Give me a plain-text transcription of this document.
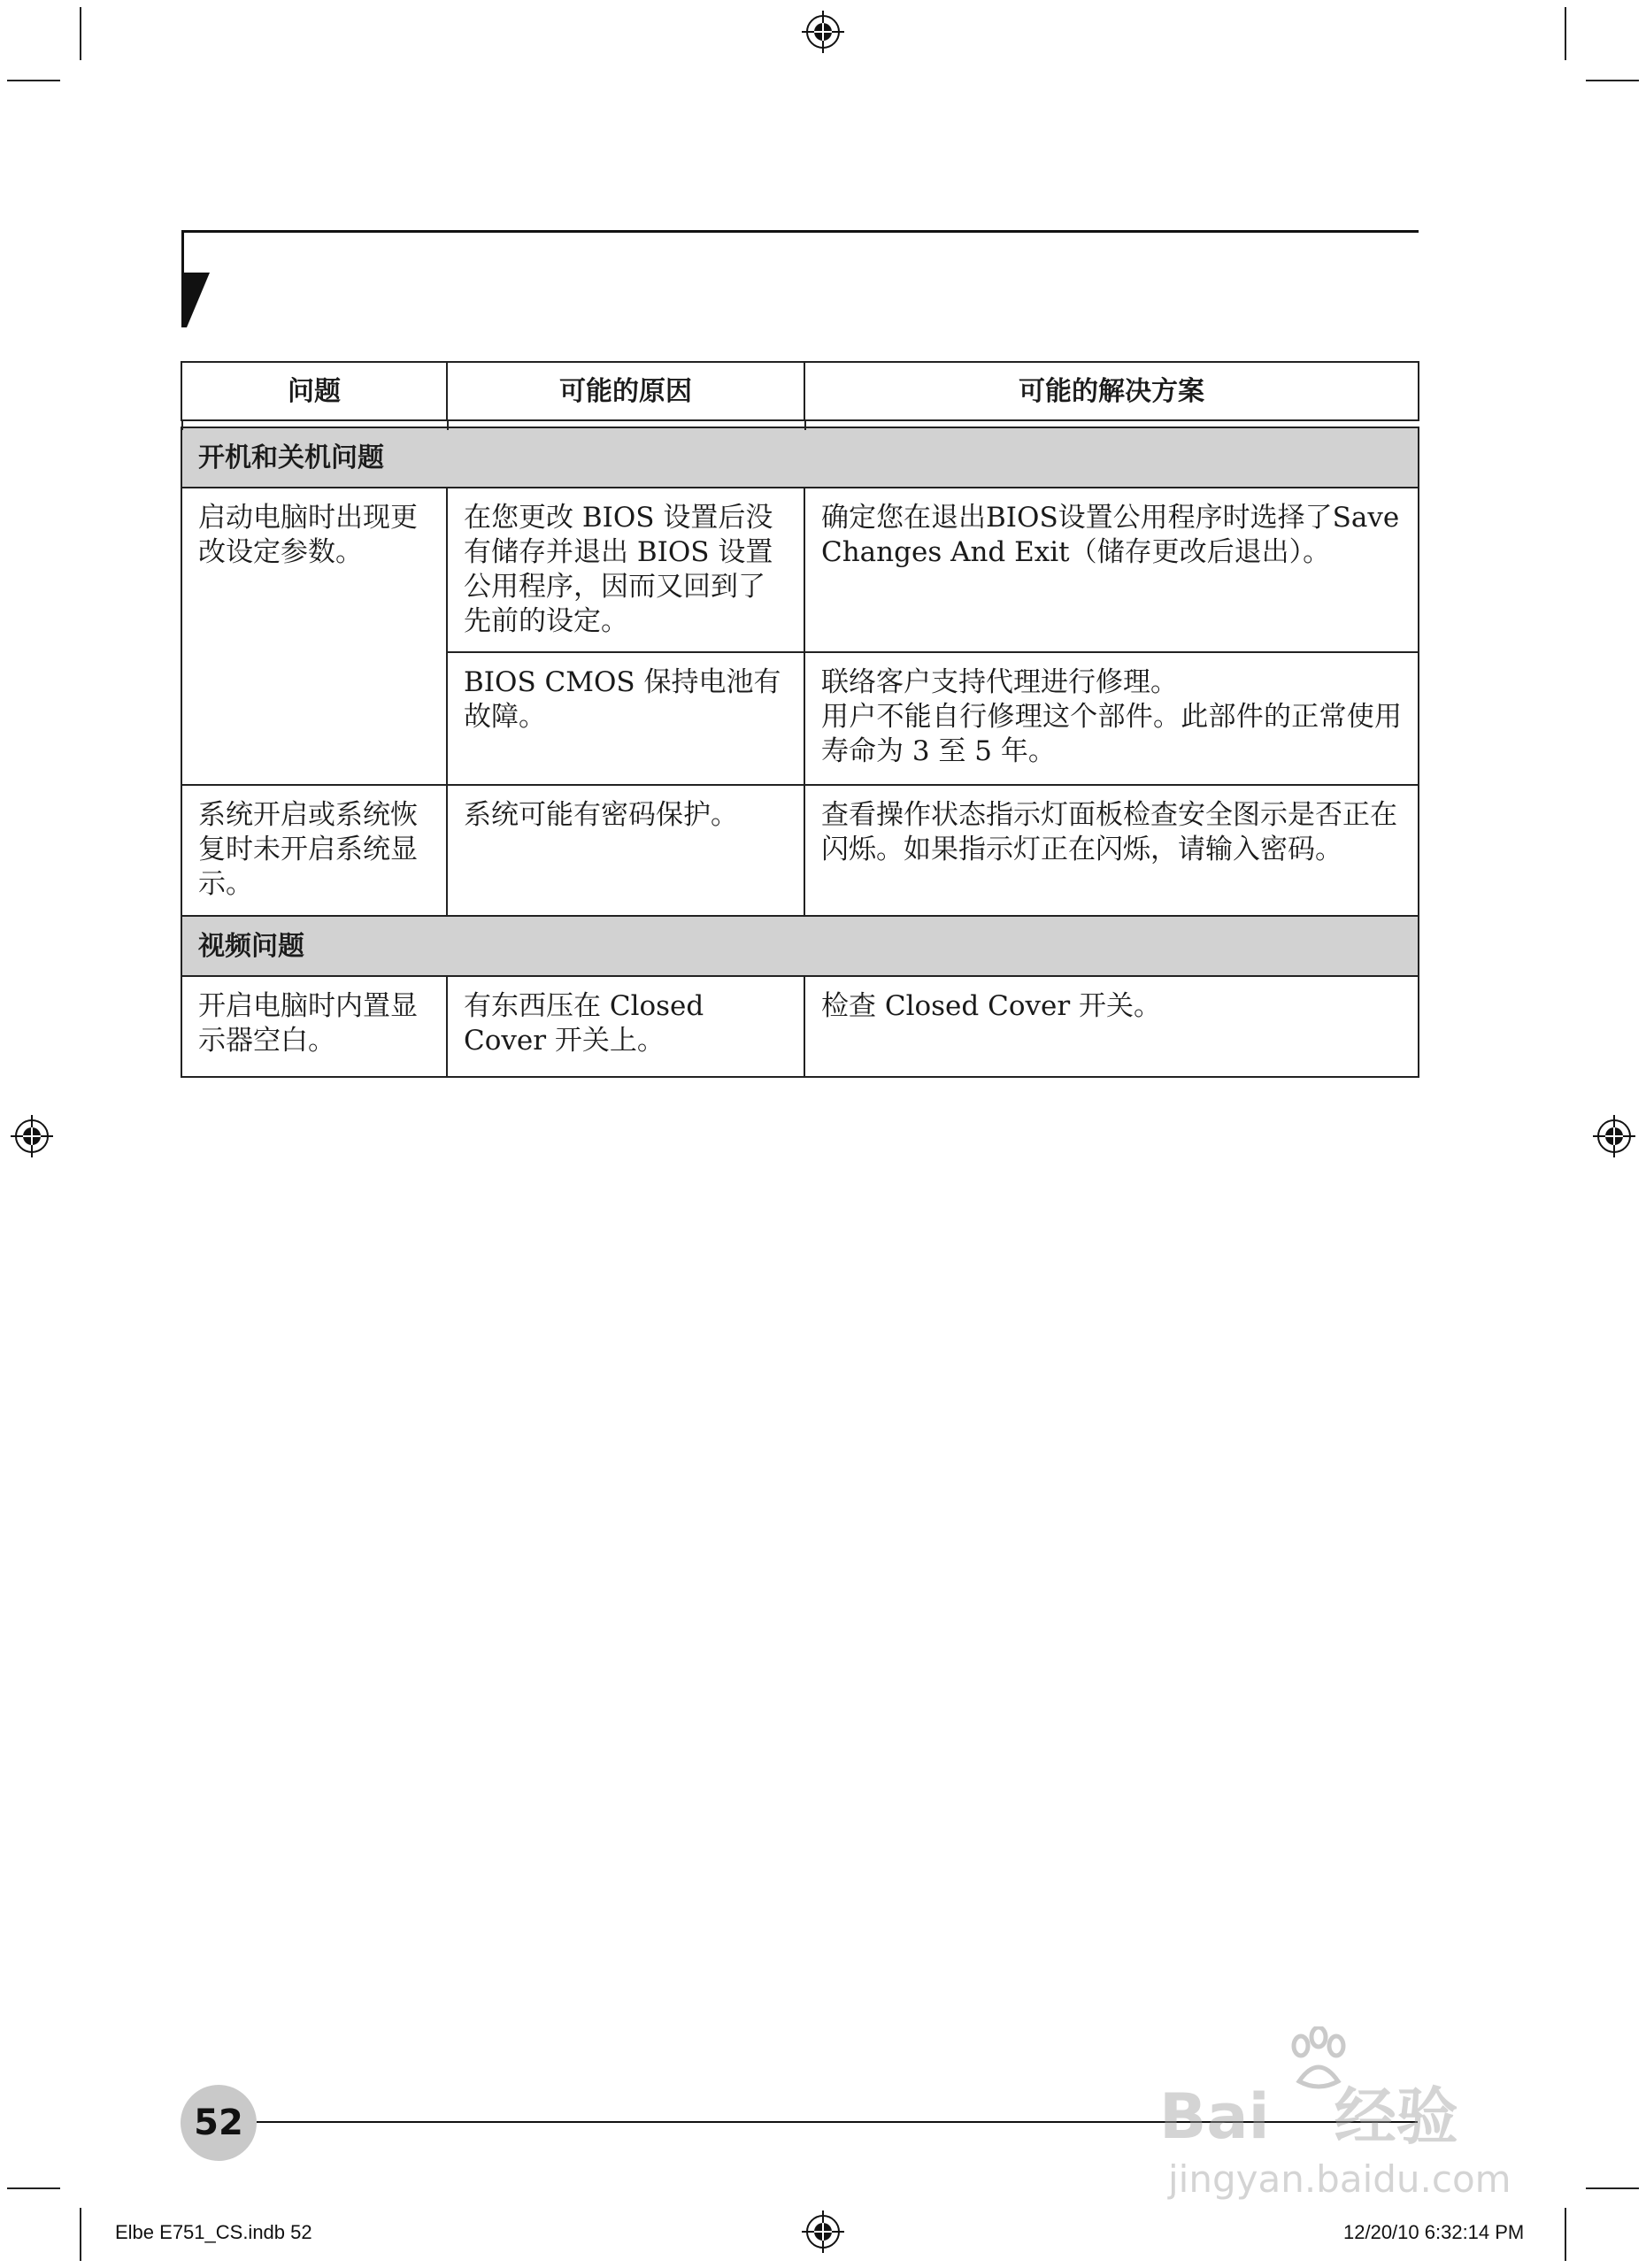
问题	可能的原因	可能的解决方案

开机和关机问题		
启动电脑时出现更改设定参数。	在您更改 BIOS 设置后没有储存并退出 BIOS 设置公用程序，因而又回到了先前的设定。	确定您在退出BIOS设置公用程序时选择了Save Changes And Exit（储存更改后退出）。
	BIOS CMOS 保持电池有故障。	联络客户支持代理进行修理。
用户不能自行修理这个部件。此部件的正常使用寿命为 3 至 5 年。

系统开启或系统恢复时未开启系统显示。	系统可能有密码保护。	查看操作状态指示灯面板检查安全图示是否正在闪烁。如果指示灯正在闪烁，请输入密码。
视频问题		
开启电脑时内置显示器空白。	有东西压在 Closed Cover 开关上。	检查 Closed Cover 开关。
52
Elbe E751_CS.indb 52	12/20/10 6:32:14 PM
Bai 经验
jingyan.baidu.com
